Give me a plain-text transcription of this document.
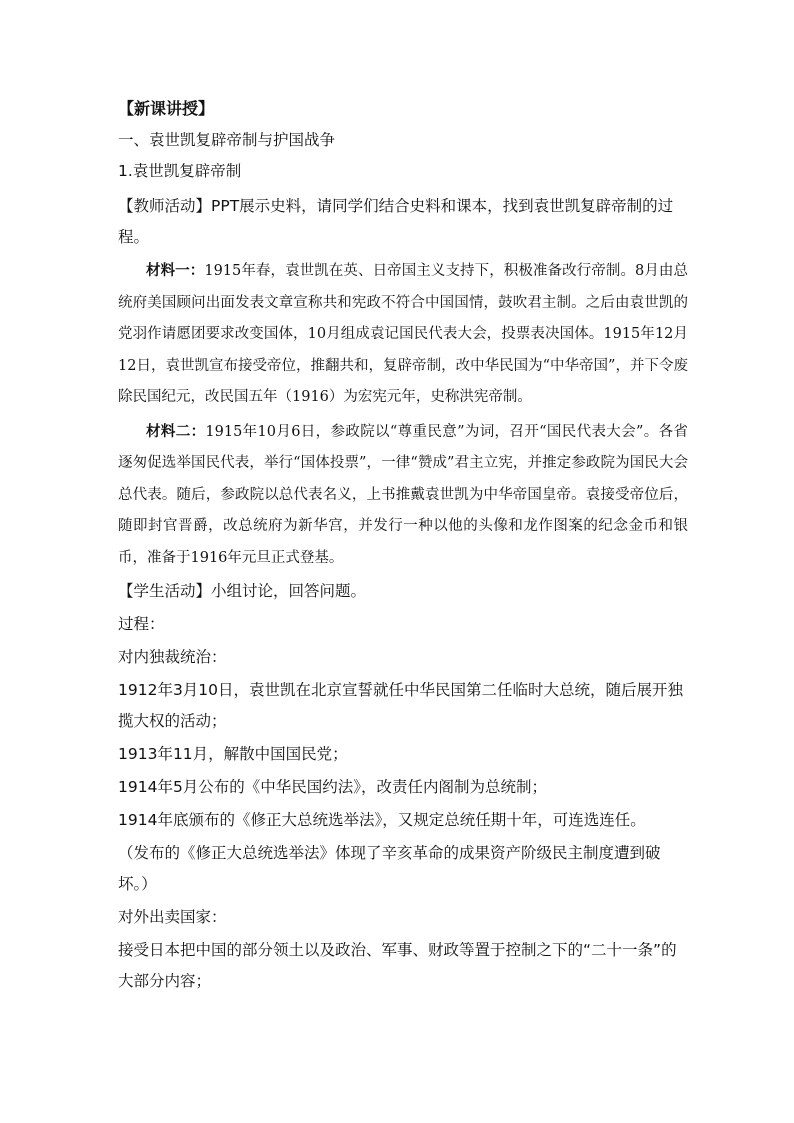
【新课讲授】
一、袁世凯复辟帝制与护国战争
1.袁世凯复辟帝制
【教师活动】PPT展示史料，请同学们结合史料和课本，找到袁世凯复辟帝制的过程。
材料一：1915年春，袁世凯在英、日帝国主义支持下，积极准备改行帝制。8月由总统府美国顾问出面发表文章宣称共和宪政不符合中国国情，鼓吹君主制。之后由袁世凯的党羽作请愿团要求改变国体，10月组成袁记国民代表大会，投票表决国体。1915年12月12日，袁世凯宣布接受帝位，推翻共和，复辟帝制，改中华民国为“中华帝国”，并下令废除民国纪元，改民国五年（1916）为宏宪元年，史称洪宪帝制。
材料二：1915年10月6日，参政院以“尊重民意”为词，召开“国民代表大会”。各省逐匆促选举国民代表，举行“国体投票”，一律“赞成”君主立宪，并推定参政院为国民大会总代表。随后，参政院以总代表名义，上书推戴袁世凯为中华帝国皇帝。袁接受帝位后，随即封官晋爵，改总统府为新华宫，并发行一种以他的头像和龙作图案的纪念金币和银币，准备于1916年元旦正式登基。
【学生活动】小组讨论，回答问题。
过程：
对内独裁统治：
1912年3月10日，袁世凯在北京宣誓就任中华民国第二任临时大总统，随后展开独揽大权的活动；
1913年11月，解散中国国民党；
1914年5月公布的《中华民国约法》，改责任内阁制为总统制；
1914年底颁布的《修正大总统选举法》，又规定总统任期十年，可连选连任。
（发布的《修正大总统选举法》体现了辛亥革命的成果资产阶级民主制度遭到破坏。）
对外出卖国家：
接受日本把中国的部分领土以及政治、军事、财政等置于控制之下的“二十一条”的大部分内容；
